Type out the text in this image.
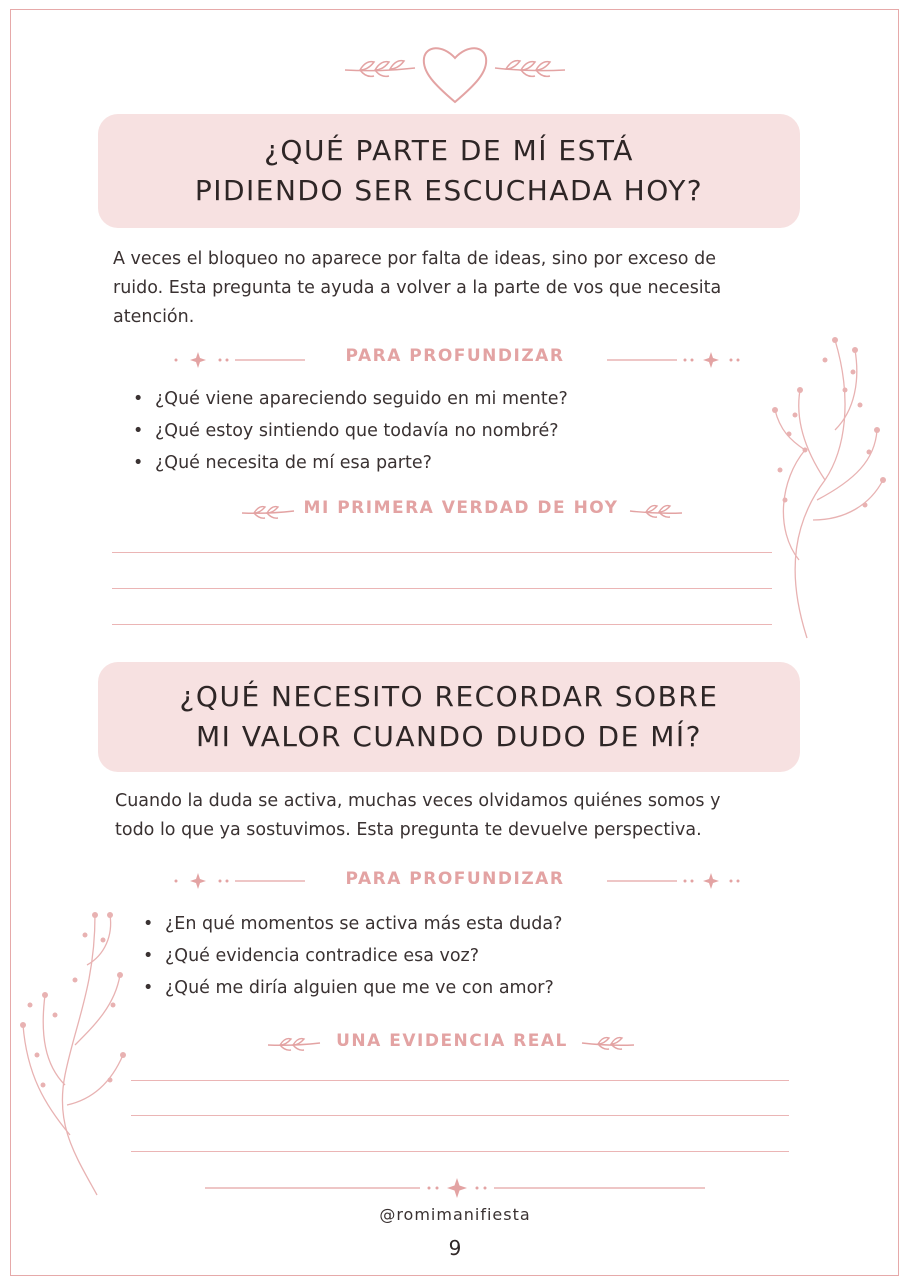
¿QUÉ PARTE DE MÍ ESTÁ
PIDIENDO SER ESCUCHADA HOY?
A veces el bloqueo no aparece por falta de ideas, sino por exceso de
ruido. Esta pregunta te ayuda a volver a la parte de vos que necesita
atención.
PARA PROFUNDIZAR
• ¿Qué viene apareciendo seguido en mi mente?
• ¿Qué estoy sintiendo que todavía no nombré?
• ¿Qué necesita de mí esa parte?
MI PRIMERA VERDAD DE HOY
¿QUÉ NECESITO RECORDAR SOBRE
MI VALOR CUANDO DUDO DE MÍ?
Cuando la duda se activa, muchas veces olvidamos quiénes somos y
todo lo que ya sostuvimos. Esta pregunta te devuelve perspectiva.
PARA PROFUNDIZAR
• ¿En qué momentos se activa más esta duda?
• ¿Qué evidencia contradice esa voz?
• ¿Qué me diría alguien que me ve con amor?
UNA EVIDENCIA REAL
@romimanifiesta
9
